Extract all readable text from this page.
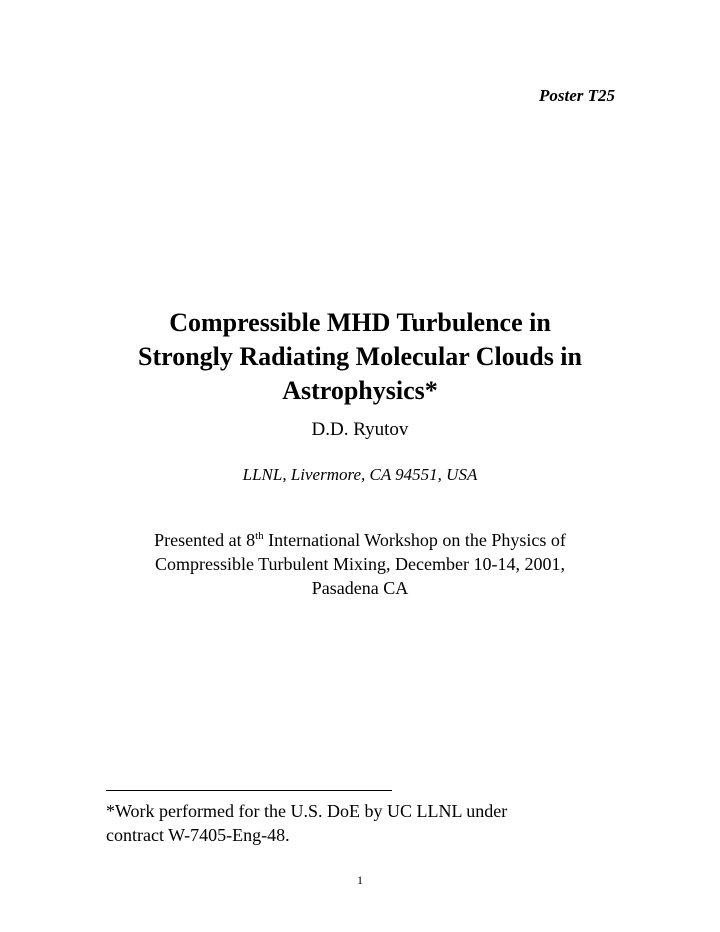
Poster T25
Compressible MHD Turbulence in
Strongly Radiating Molecular Clouds in
Astrophysics*
D.D. Ryutov
LLNL, Livermore, CA 94551, USA
Presented at 8th International Workshop on the Physics of
Compressible Turbulent Mixing, December 10-14, 2001,
Pasadena CA
*Work performed for the U.S. DoE by UC LLNL under
contract W-7405-Eng-48.
1
